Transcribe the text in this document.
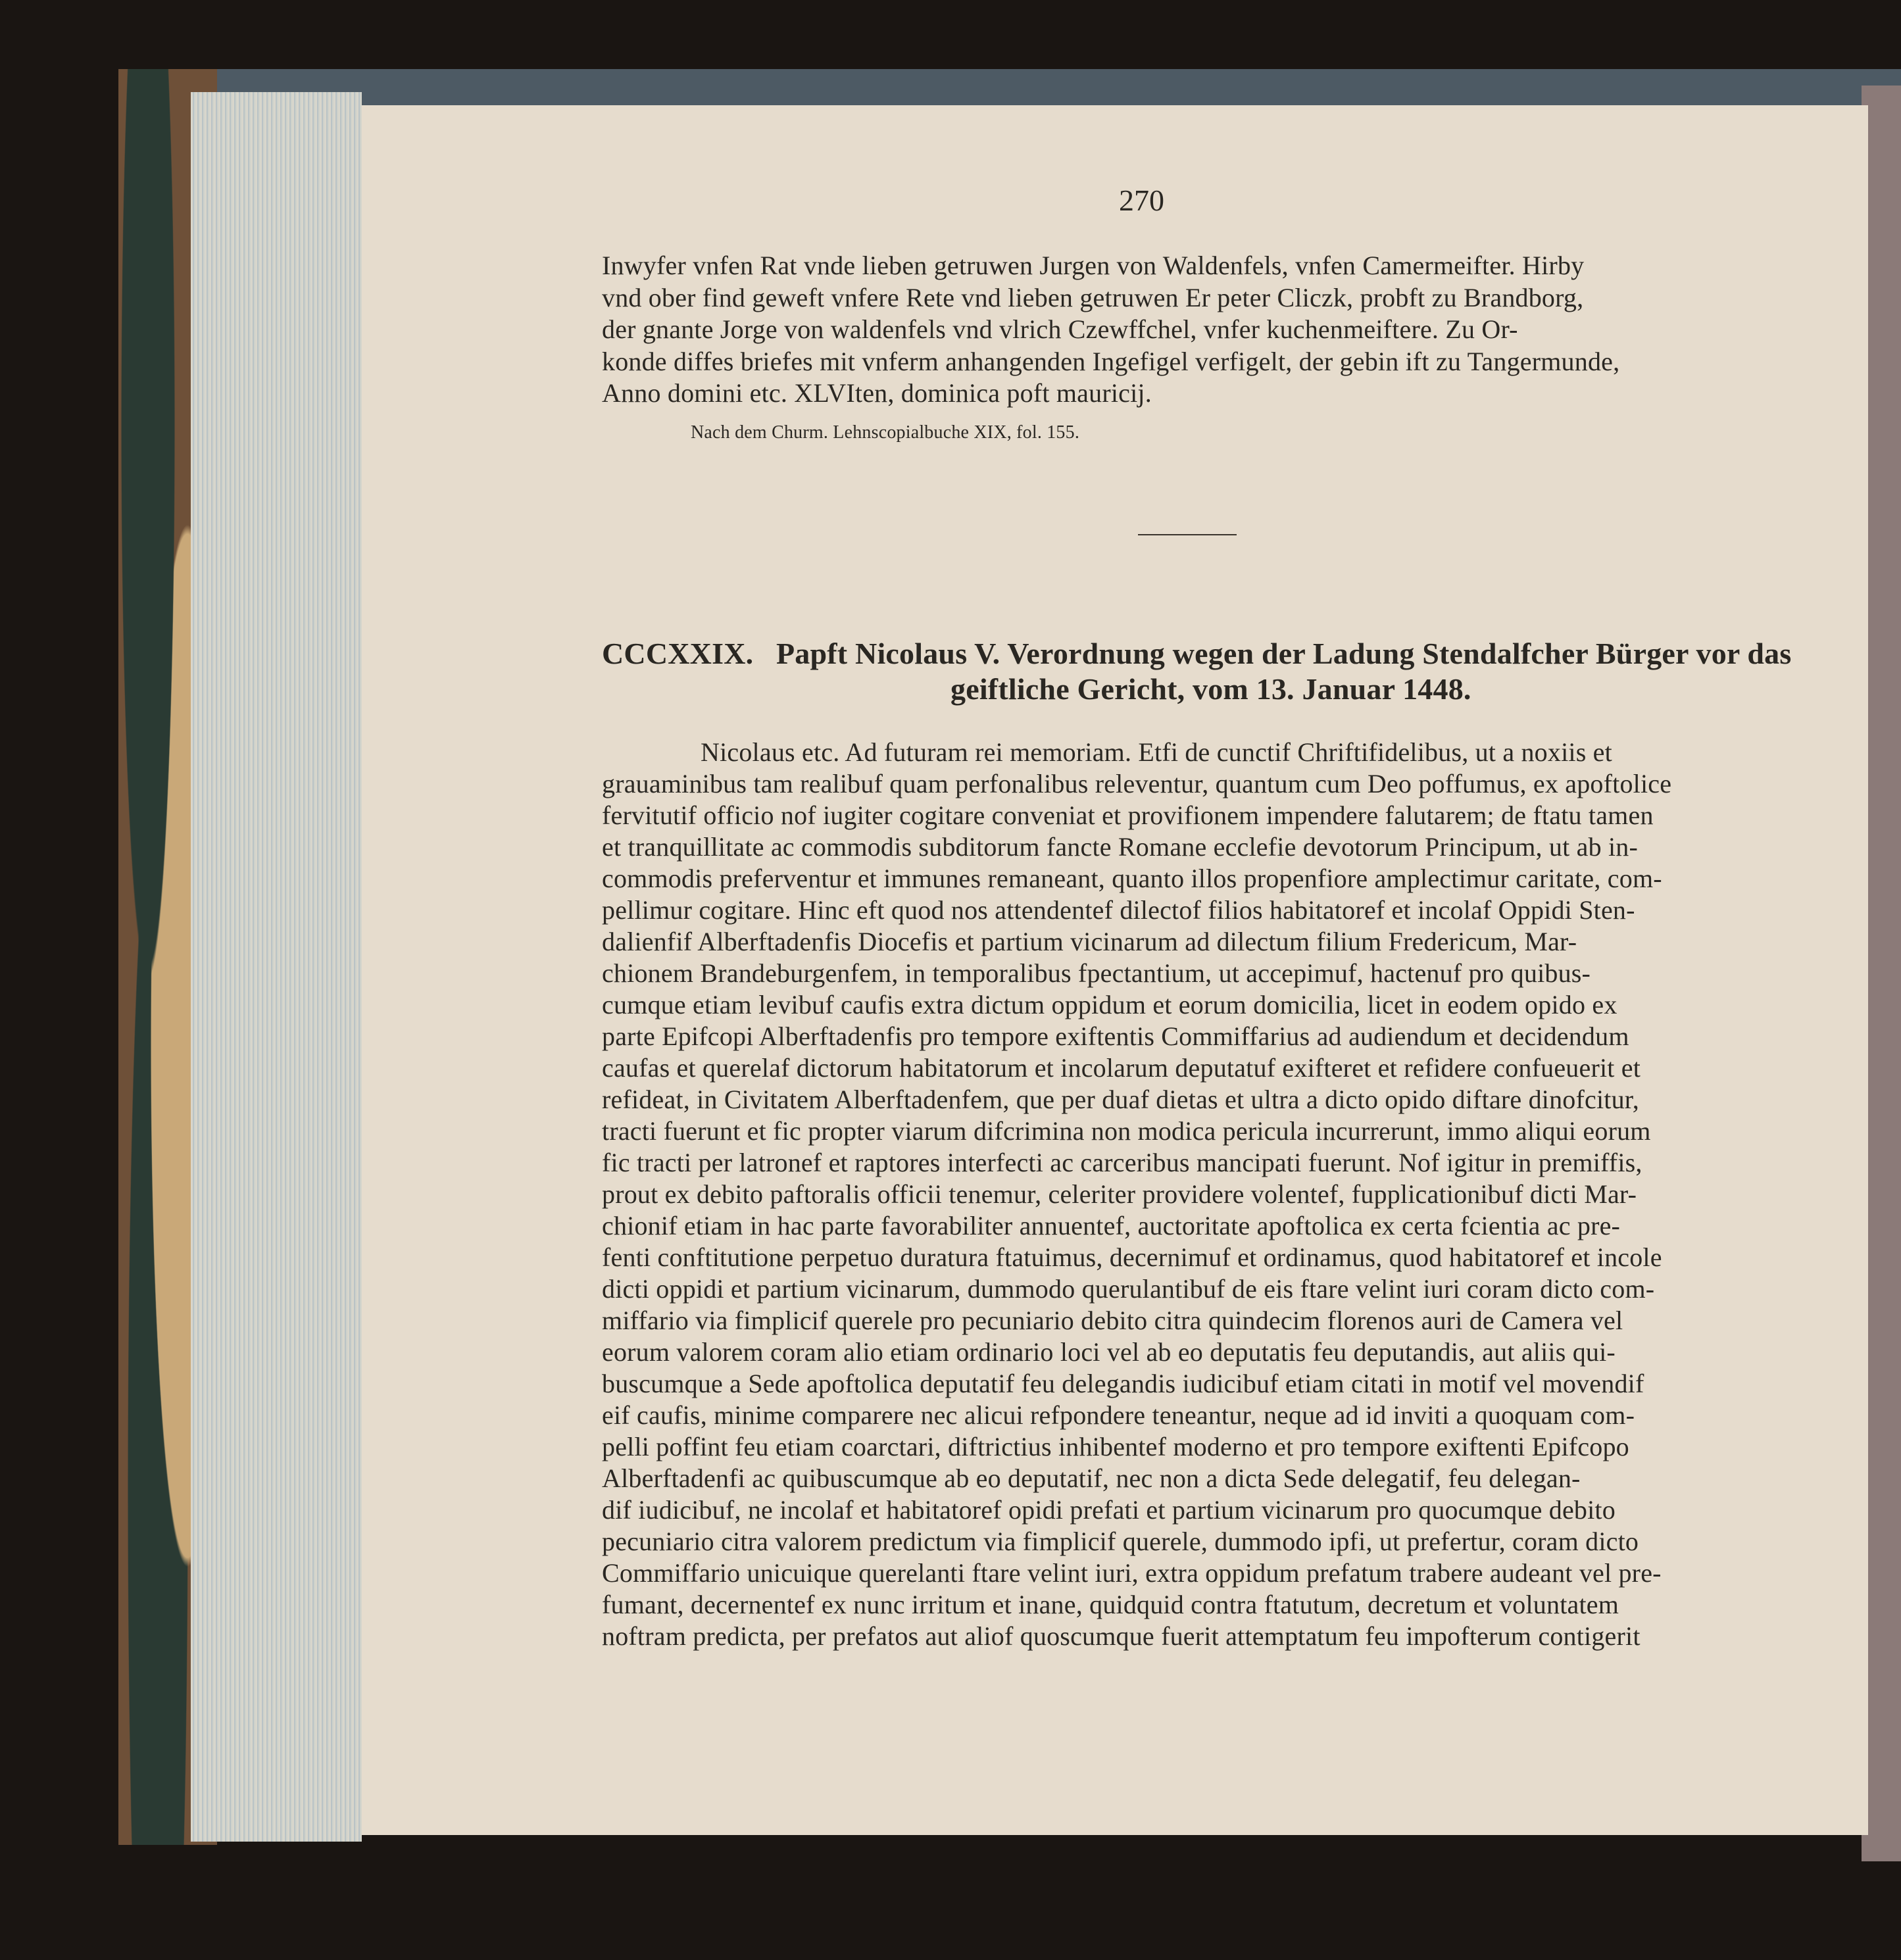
270
Inwyfer vnfen Rat vnde lieben getruwen Jurgen von Waldenfels, vnfen Camermeifter. Hirby
vnd ober find geweft vnfere Rete vnd lieben getruwen Er peter Cliczk, probft zu Brandborg,
der gnante Jorge von waldenfels vnd vlrich Czewffchel, vnfer kuchenmeiftere. Zu Or-
konde diffes briefes mit vnferm anhangenden Ingefigel verfigelt, der gebin ift zu Tangermunde,
Anno domini etc. XLVIten, dominica poft mauricij.
Nach dem Churm. Lehnscopialbuche XIX, fol. 155.
CCCXXIX. Papft Nicolaus V. Verordnung wegen der Ladung Stendalfcher Bürger vor das
geiftliche Gericht, vom 13. Januar 1448.
Nicolaus etc. Ad futuram rei memoriam. Etfi de cunctif Chriftifidelibus, ut a noxiis et
grauaminibus tam realibuf quam perfonalibus releventur, quantum cum Deo poffumus, ex apoftolice
fervitutif officio nof iugiter cogitare conveniat et provifionem impendere falutarem; de ftatu tamen
et tranquillitate ac commodis subditorum fancte Romane ecclefie devotorum Principum, ut ab in-
commodis preferventur et immunes remaneant, quanto illos propenfiore amplectimur caritate, com-
pellimur cogitare. Hinc eft quod nos attendentef dilectof filios habitatoref et incolaf Oppidi Sten-
dalienfif Alberftadenfis Diocefis et partium vicinarum ad dilectum filium Fredericum, Mar-
chionem Brandeburgenfem, in temporalibus fpectantium, ut accepimuf, hactenuf pro quibus-
cumque etiam levibuf caufis extra dictum oppidum et eorum domicilia, licet in eodem opido ex
parte Epifcopi Alberftadenfis pro tempore exiftentis Commiffarius ad audiendum et decidendum
caufas et querelaf dictorum habitatorum et incolarum deputatuf exifteret et refidere confueuerit et
refideat, in Civitatem Alberftadenfem, que per duaf dietas et ultra a dicto opido diftare dinofcitur,
tracti fuerunt et fic propter viarum difcrimina non modica pericula incurrerunt, immo aliqui eorum
fic tracti per latronef et raptores interfecti ac carceribus mancipati fuerunt. Nof igitur in premiffis,
prout ex debito paftoralis officii tenemur, celeriter providere volentef, fupplicationibuf dicti Mar-
chionif etiam in hac parte favorabiliter annuentef, auctoritate apoftolica ex certa fcientia ac pre-
fenti conftitutione perpetuo duratura ftatuimus, decernimuf et ordinamus, quod habitatoref et incole
dicti oppidi et partium vicinarum, dummodo querulantibuf de eis ftare velint iuri coram dicto com-
miffario via fimplicif querele pro pecuniario debito citra quindecim florenos auri de Camera vel
eorum valorem coram alio etiam ordinario loci vel ab eo deputatis feu deputandis, aut aliis qui-
buscumque a Sede apoftolica deputatif feu delegandis iudicibuf etiam citati in motif vel movendif
eif caufis, minime comparere nec alicui refpondere teneantur, neque ad id inviti a quoquam com-
pelli poffint feu etiam coarctari, diftrictius inhibentef moderno et pro tempore exiftenti Epifcopo
Alberftadenfi ac quibuscumque ab eo deputatif, nec non a dicta Sede delegatif, feu delegan-
dif iudicibuf, ne incolaf et habitatoref opidi prefati et partium vicinarum pro quocumque debito
pecuniario citra valorem predictum via fimplicif querele, dummodo ipfi, ut prefertur, coram dicto
Commiffario unicuique querelanti ftare velint iuri, extra oppidum prefatum trabere audeant vel pre-
fumant, decernentef ex nunc irritum et inane, quidquid contra ftatutum, decretum et voluntatem
noftram predicta, per prefatos aut aliof quoscumque fuerit attemptatum feu impofterum contigerit
